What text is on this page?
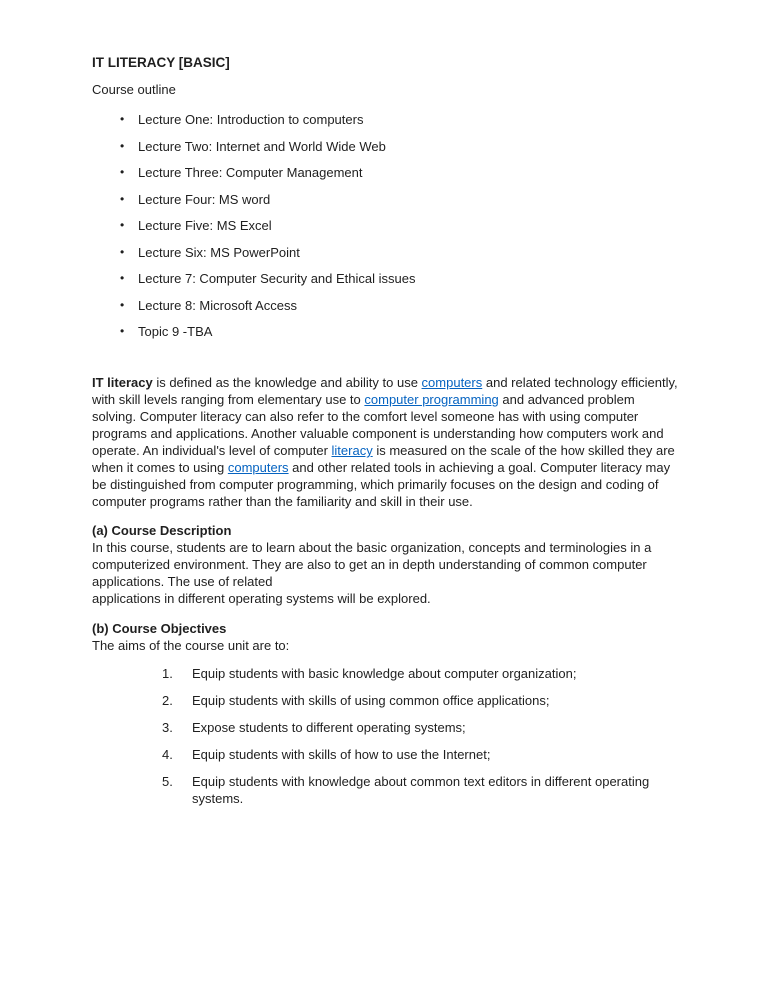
IT LITERACY [BASIC]
Course outline
•	Lecture One: Introduction to computers
•	Lecture Two: Internet and World Wide Web
•	Lecture Three: Computer Management
•	Lecture Four: MS word
•	Lecture Five: MS Excel
•	Lecture Six: MS PowerPoint
•	Lecture 7: Computer Security and Ethical issues
•	Lecture 8: Microsoft Access
•	Topic 9 -TBA
IT literacy is defined as the knowledge and ability to use computers and related technology efficiently, with skill levels ranging from elementary use to computer programming and advanced problem solving. Computer literacy can also refer to the comfort level someone has with using computer programs and applications. Another valuable component is understanding how computers work and operate. An individual's level of computer literacy is measured on the scale of the how skilled they are when it comes to using computers and other related tools in achieving a goal. Computer literacy may be distinguished from computer programming, which primarily focuses on the design and coding of computer programs rather than the familiarity and skill in their use.
(a) Course Description
In this course, students are to learn about the basic organization, concepts and terminologies in a computerized environment. They are also to get an in depth understanding of common computer applications. The use of related
applications in different operating systems will be explored.
(b) Course Objectives
The aims of the course unit are to:
Equip students with basic knowledge about computer organization;
Equip students with skills of using common office applications;
Expose students to different operating systems;
Equip students with skills of how to use the Internet;
Equip students with knowledge about common text editors in different operating systems.
